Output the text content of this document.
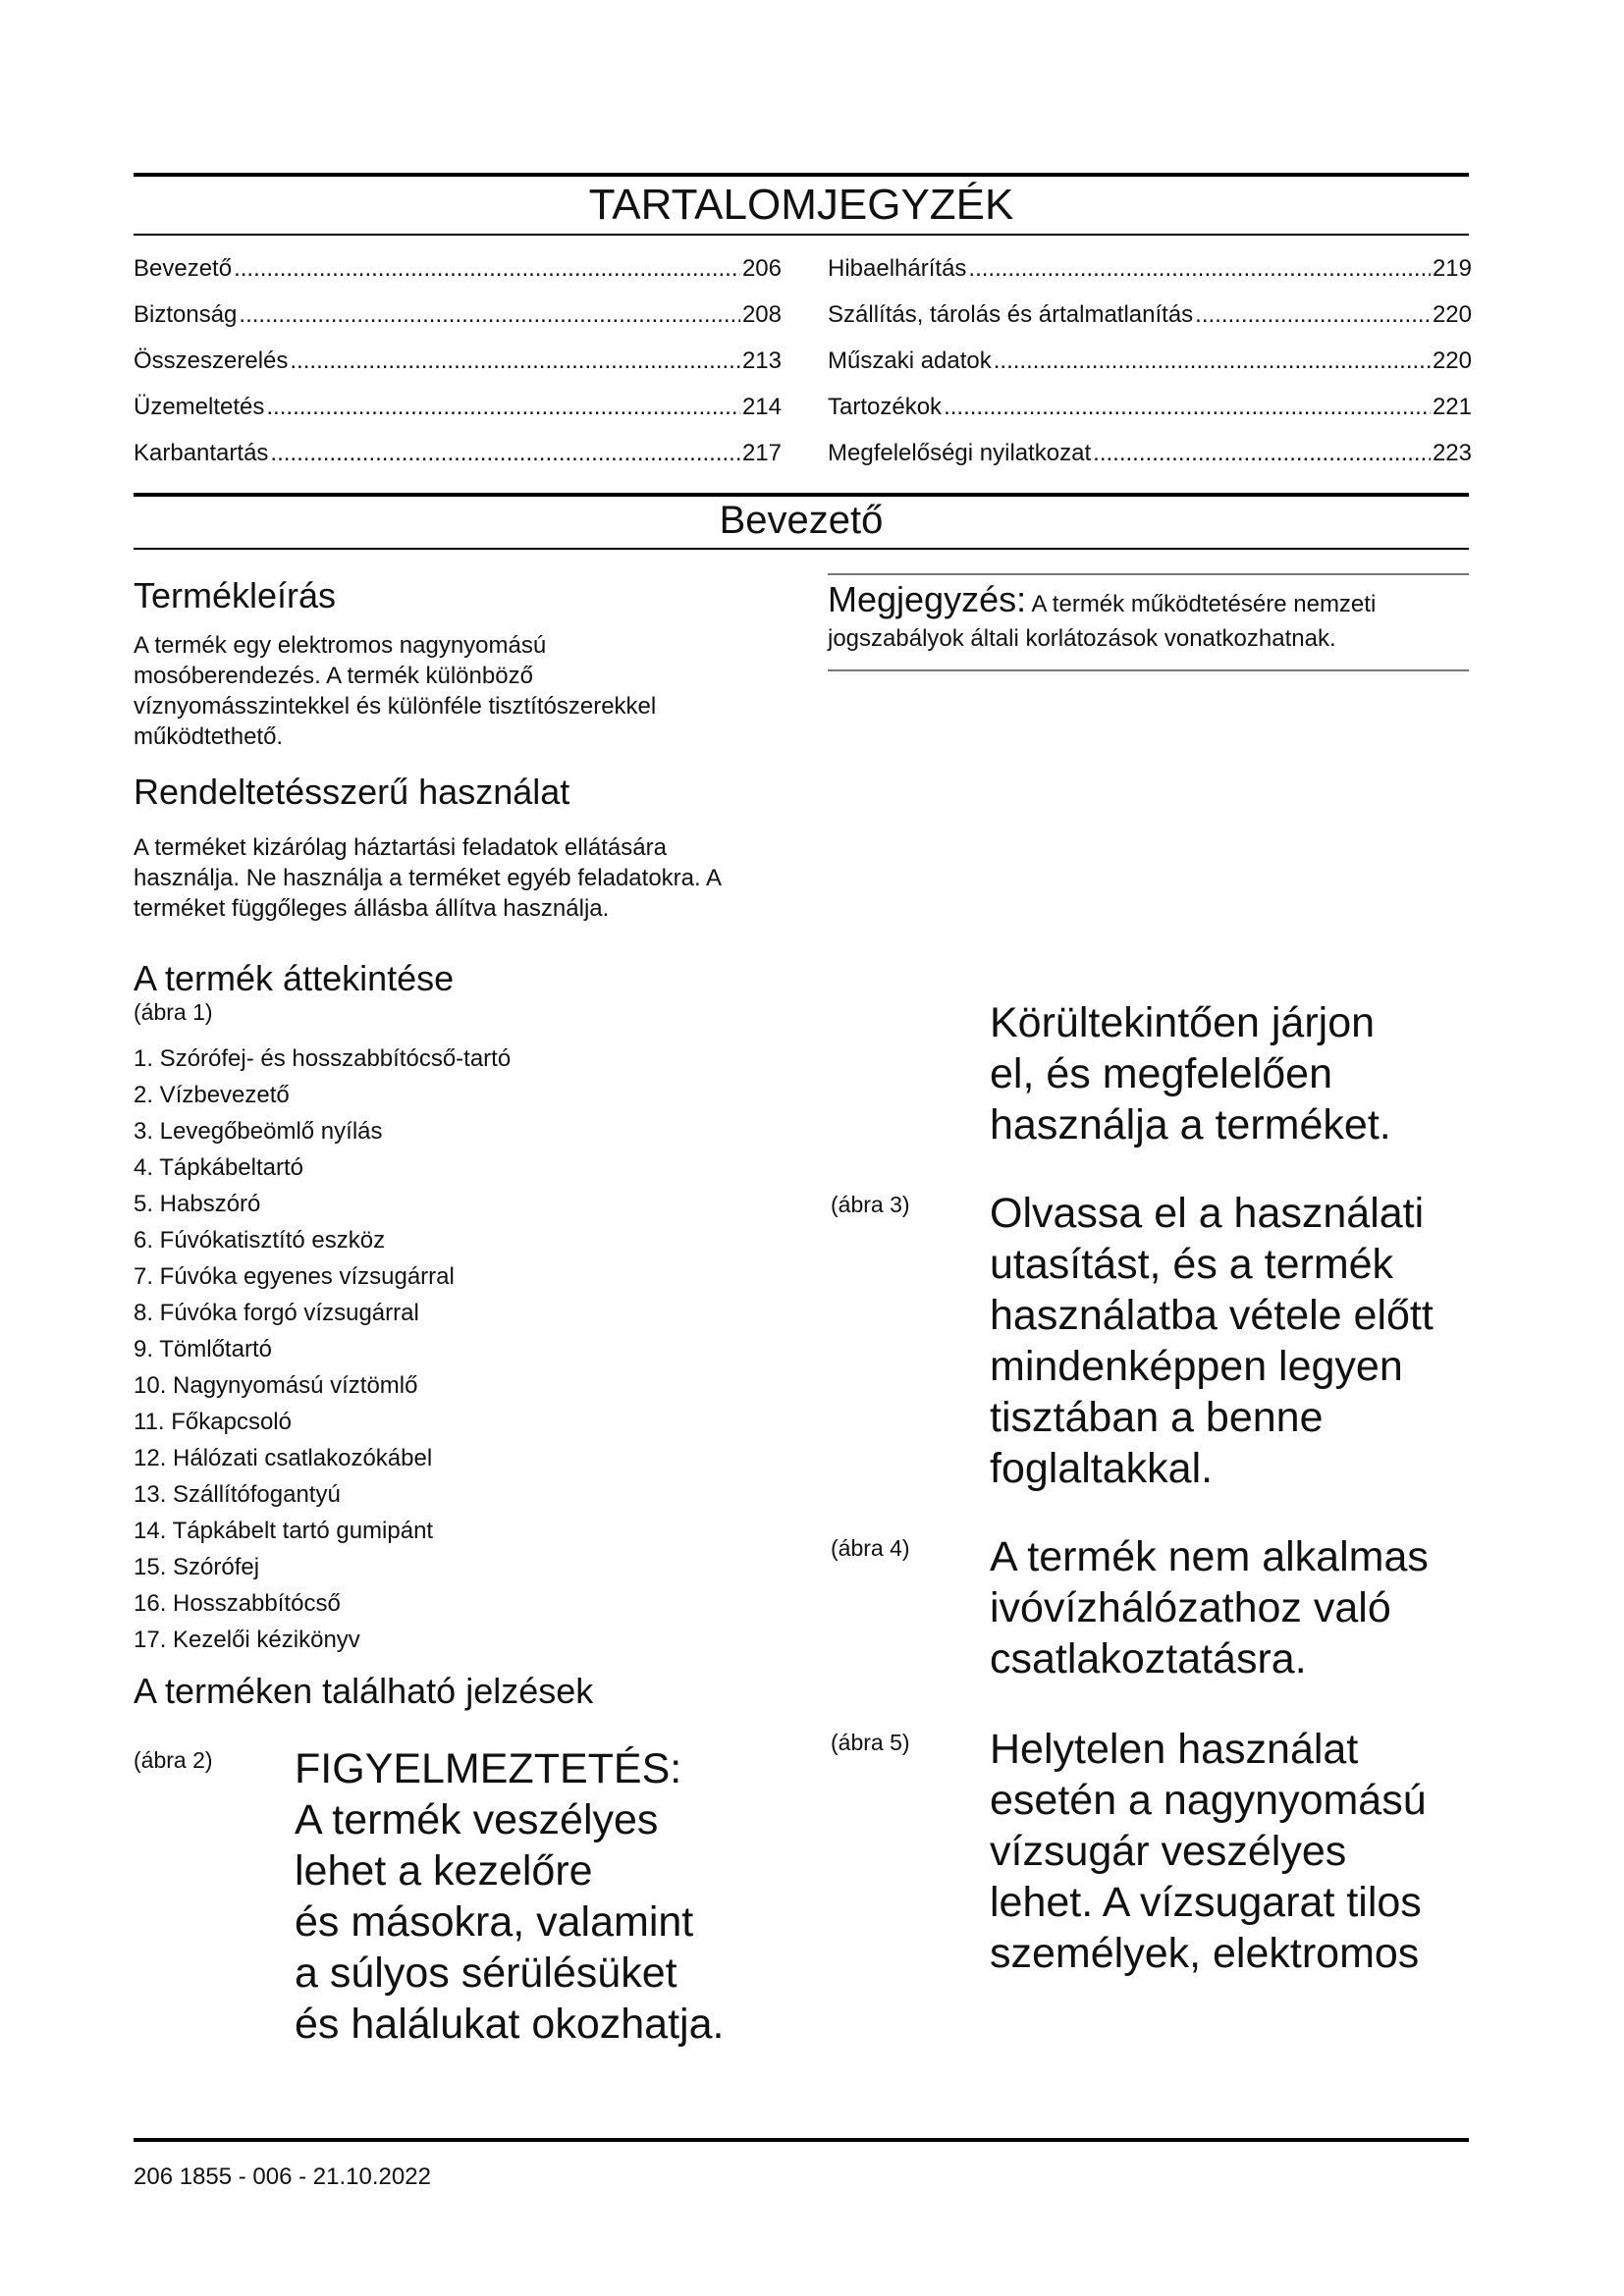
TARTALOMJEGYZÉK
Bevezető .....	206
Biztonság .....	208
Összeszerelés .....	213
Üzemeltetés .....	214
Karbantartás .....	217
Hibaelhárítás .....	219
Szállítás, tárolás és ártalmatlanítás .....	220
Műszaki adatok .....	220
Tartozékok .....	221
Megfelelőségi nyilatkozat .....	223
Bevezető
Termékleírás
A termék egy elektromos nagynyomású mosóberendezés. A termék különböző víznyomásszintekkel és különféle tisztítószerekkel működtethető.
Rendeltetésszerű használat
A terméket kizárólag háztartási feladatok ellátására használja. Ne használja a terméket egyéb feladatokra. A terméket függőleges állásba állítva használja.
A termék áttekintése
(ábra 1)
1. Szórófej- és hosszabbítócső-tartó
2. Vízbevezető
3. Levegőbeömlő nyílás
4. Tápkábeltartó
5. Habszóró
6. Fúvókatisztító eszköz
7. Fúvóka egyenes vízsugárral
8. Fúvóka forgó vízsugárral
9. Tömlőtartó
10. Nagynyomású víztömlő
11. Főkapcsoló
12. Hálózati csatlakozókábel
13. Szállítófogantyú
14. Tápkábelt tartó gumipánt
15. Szórófej
16. Hosszabbítócső
17. Kezelői kézikönyv
A terméken található jelzések
(ábra 2) FIGYELMEZTETÉS:
A termék veszélyes
lehet a kezelőre
és másokra, valamint
a súlyos sérülésüket
és halálukat okozhatja.
Megjegyzés: A termék működtetésére nemzeti
jogszabályok általi korlátozások vonatkozhatnak.
Körültekintően járjon
el, és megfelelően
használja a terméket.
(ábra 3) Olvassa el a használati
utasítást, és a termék
használatba vétele előtt
mindenképpen legyen
tisztában a benne
foglaltakkal.
(ábra 4) A termék nem alkalmas
ivóvízhálózathoz való
csatlakoztatásra.
(ábra 5) Helytelen használat
esetén a nagynyomású
vízsugár veszélyes
lehet. A vízsugarat tilos
személyek, elektromos
206 1855 - 006 - 21.10.2022
